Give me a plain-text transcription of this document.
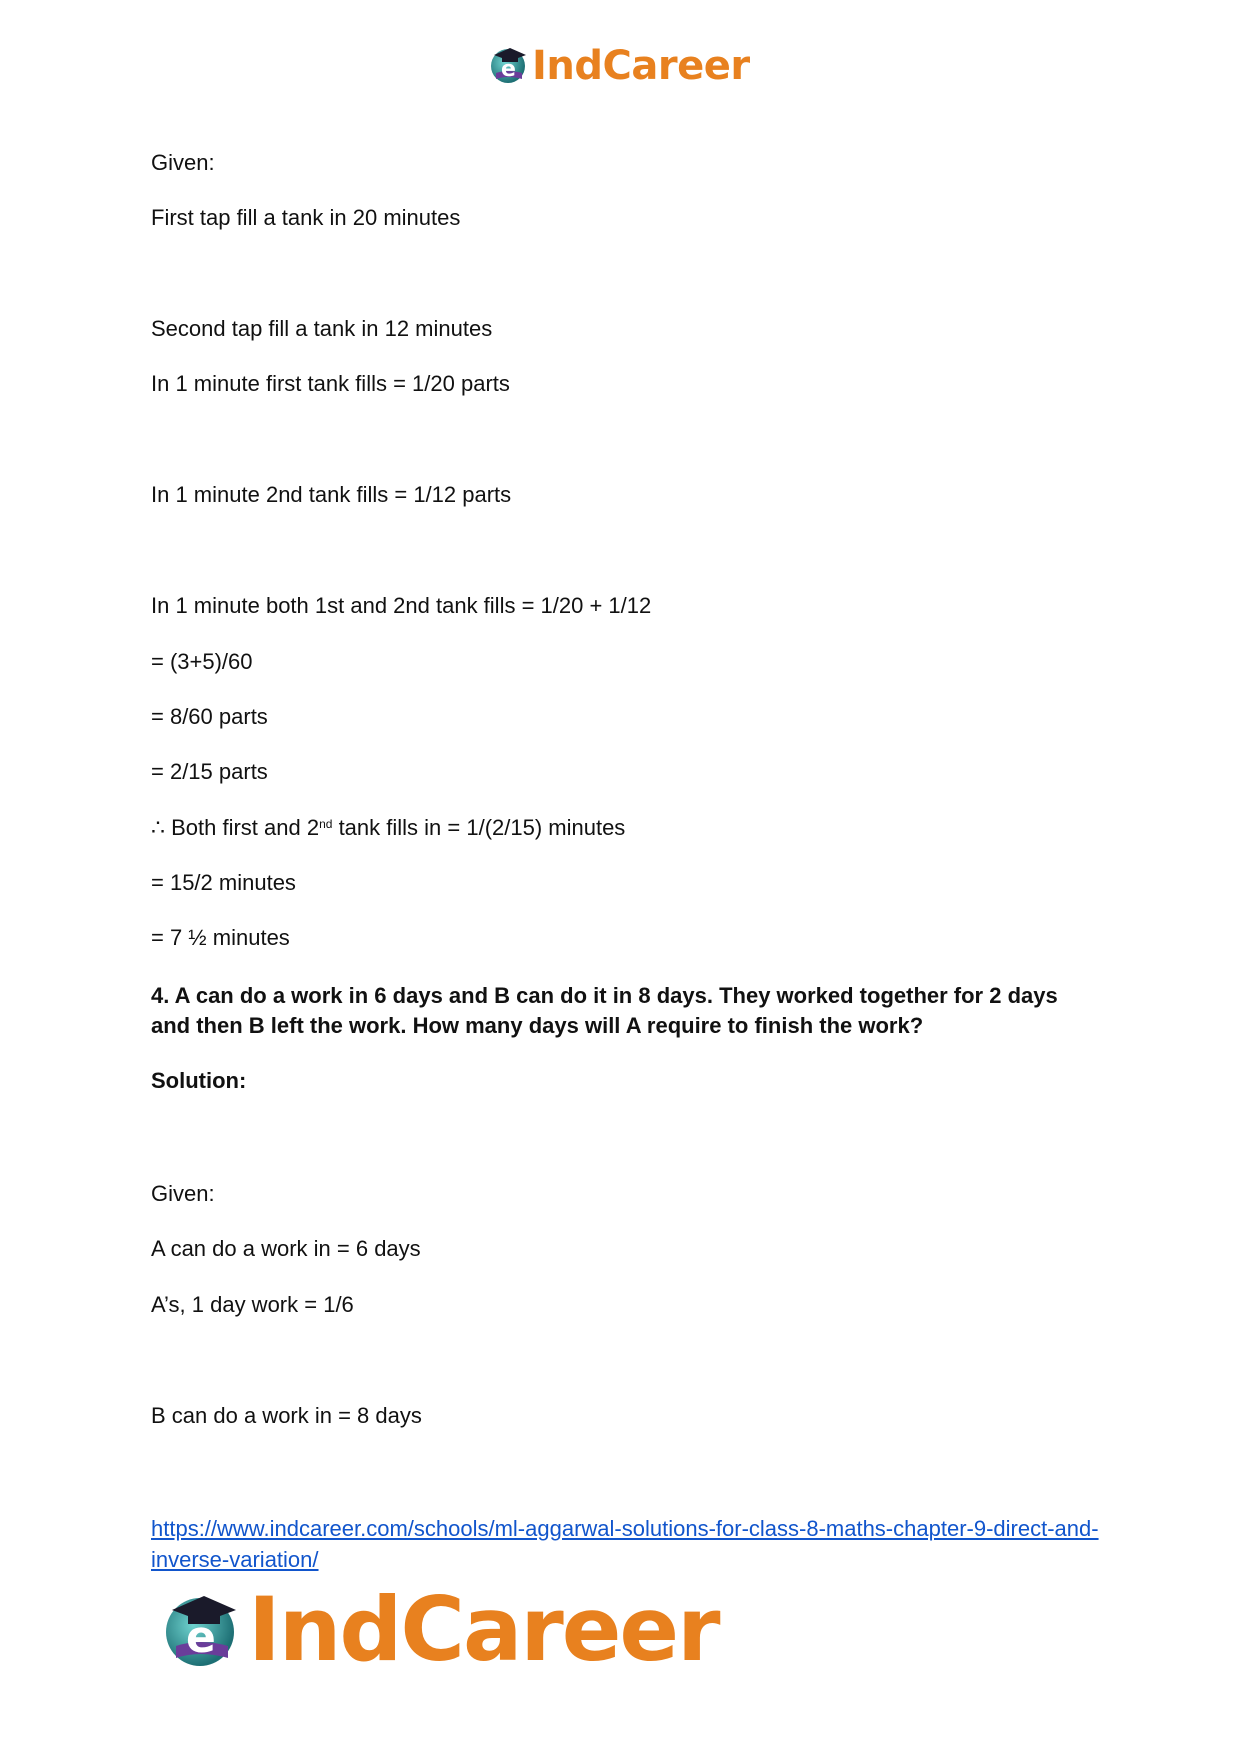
e IndCareer
Given:
First tap fill a tank in 20 minutes
Second tap fill a tank in 12 minutes
In 1 minute first tank fills = 1/20 parts
In 1 minute 2nd tank fills = 1/12 parts
In 1 minute both 1st and 2nd tank fills = 1/20 + 1/12
= (3+5)/60
= 8/60 parts
= 2/15 parts
∴ Both first and 2nd tank fills in = 1/(2/15) minutes
= 15/2 minutes
= 7 ½ minutes
4. A can do a work in 6 days and B can do it in 8 days. They worked together for 2 days and then B left the work. How many days will A require to finish the work?
Solution:
Given:
A can do a work in = 6 days
A’s, 1 day work = 1/6
B can do a work in = 8 days
https://www.indcareer.com/schools/ml-aggarwal-solutions-for-class-8-maths-chapter-9-direct-and-inverse-variation/
e IndCareer
